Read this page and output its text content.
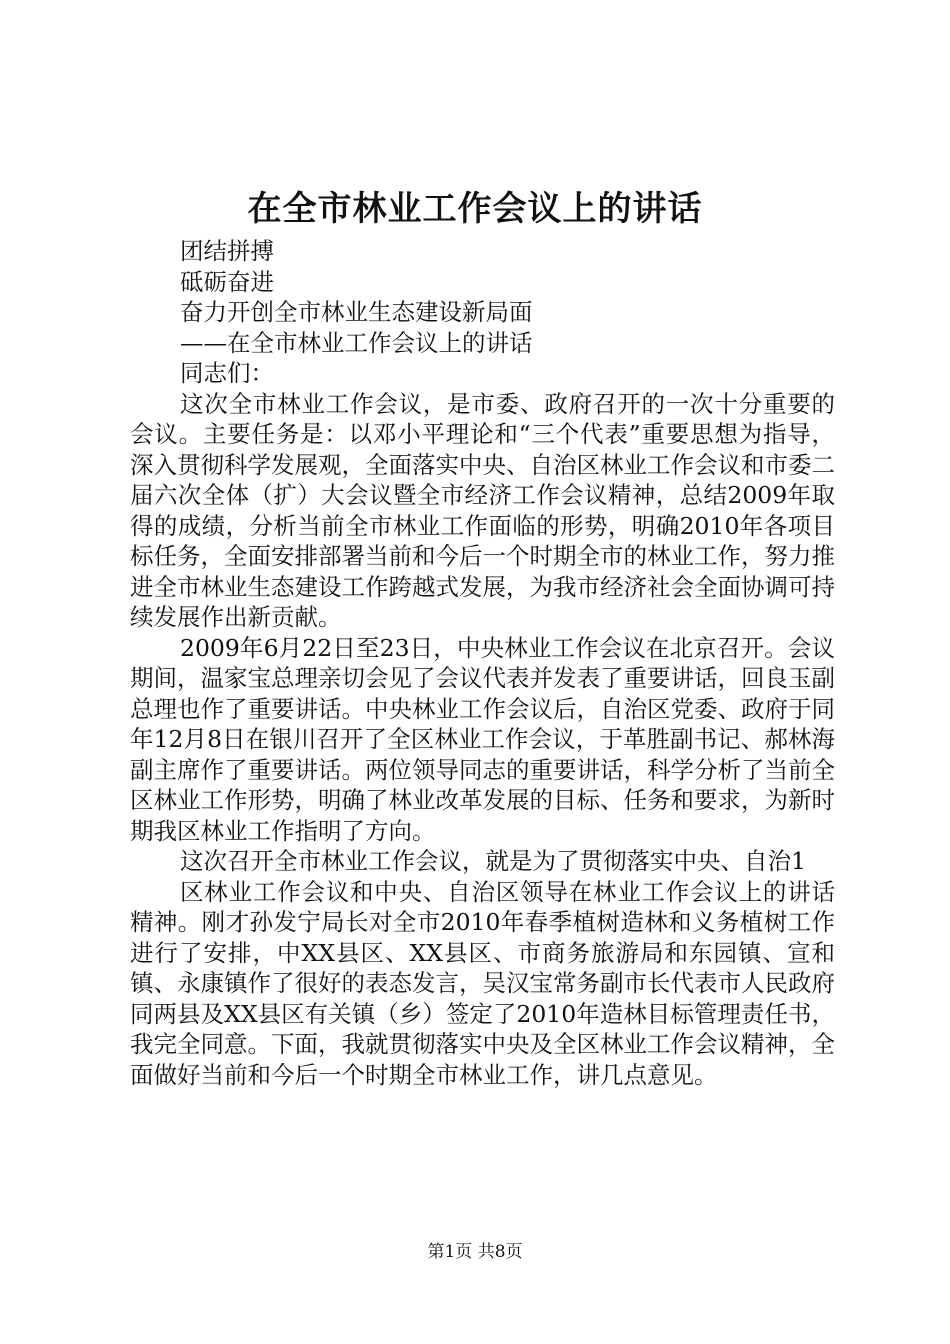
在全市林业工作会议上的讲话

团结拼搏

砥砺奋进

奋力开创全市林业生态建设新局面

——在全市林业工作会议上的讲话

同志们：

这次全市林业工作会议，是市委、政府召开的一次十分重要的会议。主要任务是：以邓小平理论和“三个代表”重要思想为指导，深入贯彻科学发展观，全面落实中央、自治区林业工作会议和市委二届六次全体（扩）大会议暨全市经济工作会议精神，总结2009年取得的成绩，分析当前全市林业工作面临的形势，明确2010年各项目标任务，全面安排部署当前和今后一个时期全市的林业工作，努力推进全市林业生态建设工作跨越式发展，为我市经济社会全面协调可持续发展作出新贡献。

2009年6月22日至23日，中央林业工作会议在北京召开。会议期间，温家宝总理亲切会见了会议代表并发表了重要讲话，回良玉副总理也作了重要讲话。中央林业工作会议后，自治区党委、政府于同年12月8日在银川召开了全区林业工作会议，于革胜副书记、郝林海副主席作了重要讲话。两位领导同志的重要讲话，科学分析了当前全区林业工作形势，明确了林业改革发展的目标、任务和要求，为新时期我区林业工作指明了方向。

这次召开全市林业工作会议，就是为了贯彻落实中央、自治1

区林业工作会议和中央、自治区领导在林业工作会议上的讲话精神。刚才孙发宁局长对全市2010年春季植树造林和义务植树工作进行了安排，中XX县区、XX县区、市商务旅游局和东园镇、宣和镇、永康镇作了很好的表态发言，吴汉宝常务副市长代表市人民政府同两县及XX县区有关镇（乡）签定了2010年造林目标管理责任书，我完全同意。下面，我就贯彻落实中央及全区林业工作会议精神，全面做好当前和今后一个时期全市林业工作，讲几点意见。

第1页 共8页
